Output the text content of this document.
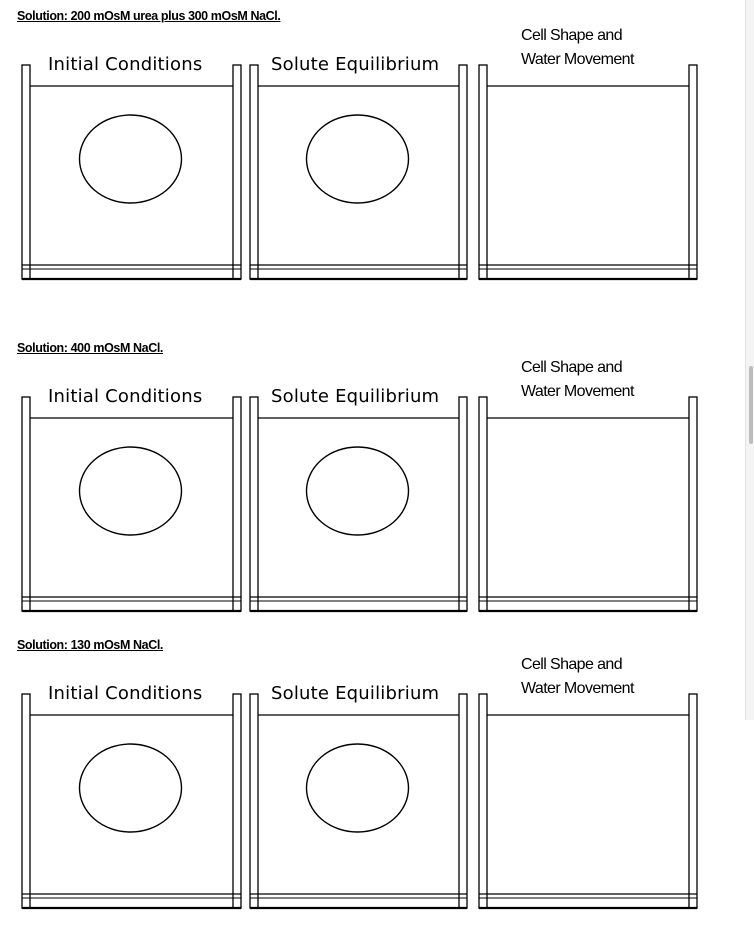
Solution: 200 mOsM urea plus 300 mOsM NaCl.
Initial Conditions	Solute Equilibrium
Cell Shape and
Water Movement
Solution: 400 mOsM NaCl.
Initial Conditions	Solute Equilibrium
Cell Shape and
Water Movement
Solution: 130 mOsM NaCl.
Initial Conditions	Solute Equilibrium
Cell Shape and
Water Movement
